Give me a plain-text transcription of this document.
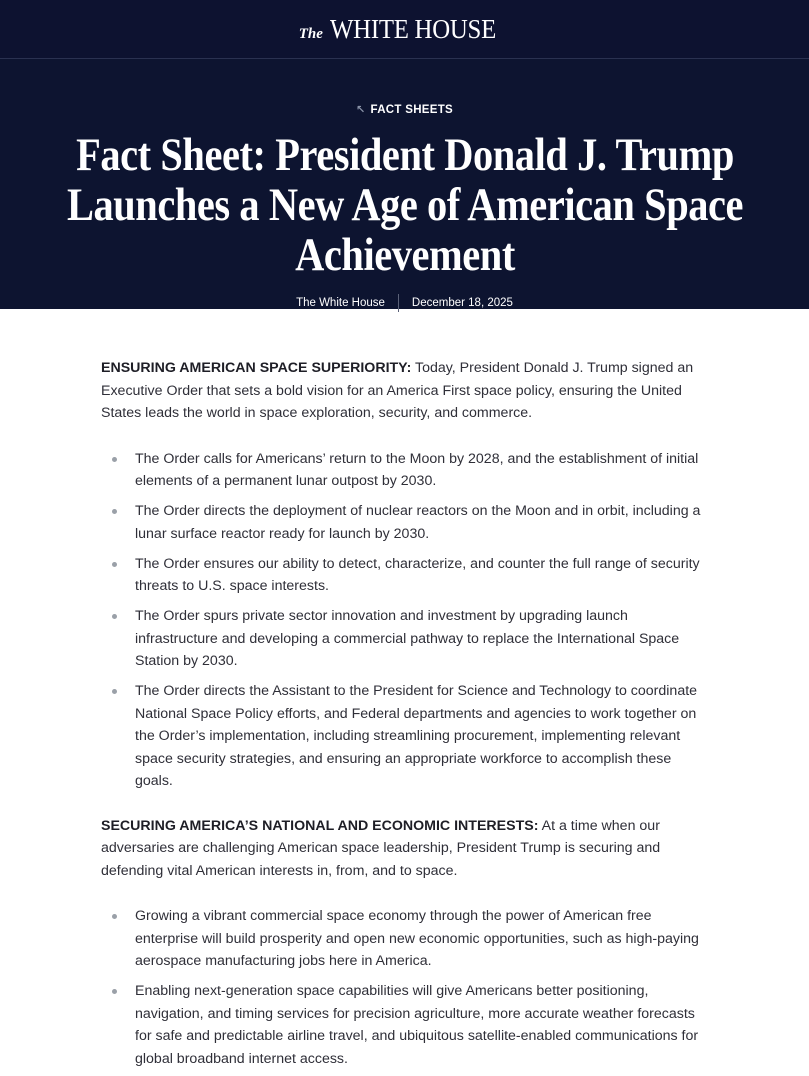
The WHITE HOUSE
↖ FACT SHEETS
Fact Sheet: President Donald J. Trump Launches a New Age of American Space Achievement
The White House	December 18, 2025

ENSURING AMERICAN SPACE SUPERIORITY: Today, President Donald J. Trump signed an Executive Order that sets a bold vision for an America First space policy, ensuring the United States leads the world in space exploration, security, and commerce.

The Order calls for Americans’ return to the Moon by 2028, and the establishment of initial elements of a permanent lunar outpost by 2030.
The Order directs the deployment of nuclear reactors on the Moon and in orbit, including a lunar surface reactor ready for launch by 2030.
The Order ensures our ability to detect, characterize, and counter the full range of security threats to U.S. space interests.
The Order spurs private sector innovation and investment by upgrading launch infrastructure and developing a commercial pathway to replace the International Space Station by 2030.
The Order directs the Assistant to the President for Science and Technology to coordinate National Space Policy efforts, and Federal departments and agencies to work together on the Order’s implementation, including streamlining procurement, implementing relevant space security strategies, and ensuring an appropriate workforce to accomplish these goals.

SECURING AMERICA’S NATIONAL AND ECONOMIC INTERESTS: At a time when our adversaries are challenging American space leadership, President Trump is securing and defending vital American interests in, from, and to space.

Growing a vibrant commercial space economy through the power of American free enterprise will build prosperity and open new economic opportunities, such as high-paying aerospace manufacturing jobs here in America.
Enabling next-generation space capabilities will give Americans better positioning, navigation, and timing services for precision agriculture, more accurate weather forecasts for safe and predictable airline travel, and ubiquitous satellite-enabled communications for global broadband internet access.
